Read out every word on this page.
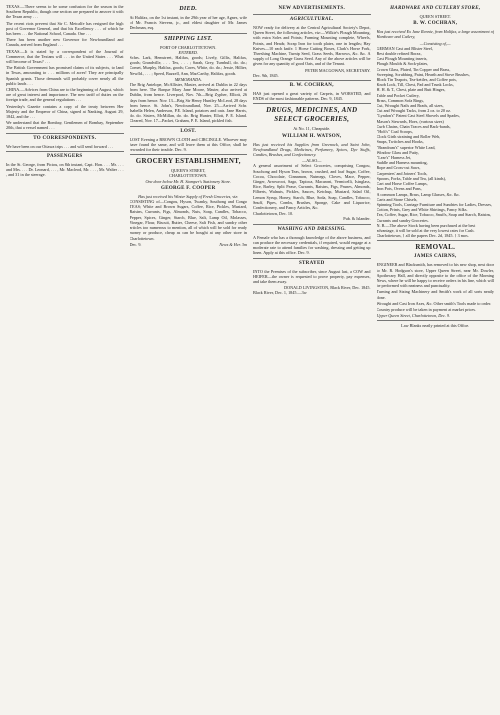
TEXAS.—There seems to be some confusion for the season in the Southern Republic, though one section are prepared to answer it with the Texan army . . .

The recent riots prevent that Sir C. Metcalfe has resigned the high post of Governor General, and that his Excellency . . . of which he has been . . . the National School, Canada. One . . .

There has been another new Governor for Newfoundland and Canada, arrived from England . . .

TEXAS.—It is stated by a correspondent of the Journal of Commerce, that the Texians will . . . in the United States . . . What will become of Texas? . . .

The British Government has promised claims of its subjects, to land in Texas, amounting to . . . millions of acres! They are principally Spanish grants. Those demands will probably cover nearly all the public lands . . .

CHINA.—Advices from China are to the beginning of August, which are of great interest and importance. The new tariff of duties on the foreign trade, and the general regulations . . .

Yesterday's Gazette contains a copy of the treaty between Her Majesty and the Emperor of China, signed at Nanking, August 29, 1842, and the . . .

We understand that the Bombay, Gentlemen of Bombay, September 20th, that a vessel named . . .

TO CORRESPONDENTS.

We have been on our Ottawa trips . . . and will send forward . . .

PASSENGERS

In the St. George, from Pictou, on 8th instant, Capt. Hon. . . . Mr. . . . and Mrs. . . . Dr. Leonard, . . . , Mr. Macleod, Mr. . . . , Mr. Walter . . . , and 31 in the steerage.

DIED.

At Halifax, on the 1st instant, in the 29th year of her age, Agnes, wife of Mr. Francis Stevens, jr., and eldest daughter of Mr. James Dechman, esq.

SHIPPING LIST.
PORT OF CHARLOTTETOWN.
ENTERED.

Schrs. Lark, Hemstreet, Halifax, goods; Lively, Gillis, Halifax, goods; Grandville, . . . Tex, . . . ; Sarah, Grey, Turnbull, do. do.; Comet, Murphy, Halifax, goods; Cores, White, do. do.; Jessie, Hillier, Newfld., . . . ; Speed, Buzzell, Ann, MacCarthy, Halifax, goods.

MEMORANDA.

The Brig Antelope, McAllister, Master, arrived at Dublin in 22 days from here. The Barque Mary Jane Moore, Master, also arrived at Dublin, from hence. Liverpool, Nov. 7th—Brig Zypher, Elliott, 26 days from hence. Nov. 13—Brig Sir Henry Huntley McLeod, 28 days from hence. St. John's, Newfoundland, Nov. 25—Arrived Schr. Isabella Helen, Anderson, P.E. Island, potatoes and oats. Jane Harris, do. do. Sisters, McMillan, do. do. Brig Hunter, Ellott, P. E. Island. Cleared, Nov. 17—Packet, Graham, P. E. Island, pickled fish.

LOST.

LOST Evening a BROWN CLOTH and CIRCINGLE. Whoever may have found the same, and will leave them at this Office, shall be rewarded for their trouble. Dec. 9.

GROCERY ESTABLISHMENT,
QUEEN'S STREET,
CHARLOTTETOWN.
One door below Mr. H. Stamper's Stationery Store.
GEORGE F. COOPER
Has just received his Winter Supply of Fresh Groceries, viz:

CONSISTING of—Congou, Hyson, Twanky, Southong and Congo TEAS; White and Brown Sugars, Coffee, Rice, Pickles, Mustard, Raisins, Currants, Figs, Almonds, Nuts, Soap, Candles, Tobacco, Pepper, Spices, Ginger, Starch, Blue, Salt, Lamp Oil, Molasses, Vinegar, Flour, Biscuit, Butter, Cheese, Salt Fish, and sundry other articles too numerous to mention, all of which will be sold for ready money or produce, cheap as can be bought at any other store in Charlottetown.

Dec. 9.	News & Her. 3m
NEW ADVERTISEMENTS.
AGRICULTURAL.

NOW ready for delivery at the Central Agricultural Society's Depot, Queen Street, the following articles, viz:—Wilkie's Plough Mounting, with extra Soles and Points; Farming Mounting complete, Wheels, Points, and Heads; Scrap Iron for tooth plates, one in lengths; Hay Knives—10 each knife. 1 Horse Cutting Boxes, Clark's Horse Fork, Threshing Machine, Turnip Seed, Grass Seeds, Harrows, &c. &c. A supply of Long Orange Grass Seed. Any of the above articles will be given for any quantity of good Oats, and of the Tenant.

PETER MACGOWAN, SECRETARY.
Dec. 9th, 1845.
B. W. COCHRAN,

HAS just opened a great variety of Carpets, in WORSTED, and ENDS of the most fashionable patterns. Dec. 9, 1845.

DRUGS, MEDICINES, AND SELECT GROCERIES,
At No. 11, Cheapside.
WILLIAM H. WATSON,

Has just received his Supplies from Greenock, and Saint John, Newfoundland Drugs, Medicines, Perfumery, Spices, Dye Stuffs, Candies, Brushes, and Confectionery.

—ALSO—

A general assortment of Select Groceries, comprising Congou, Souchong and Hyson Teas, brown, crushed, and loaf Sugar, Coffee, Cocoa, Chocolate, Cinnamon, Nutmegs, Cloves, Mace, Pepper, Ginger, Arrowroot, Sago, Tapioca, Macaroni, Vermicelli, Isinglass, Rice, Barley, Split Pease, Currants, Raisins, Figs, Prunes, Almonds, Filberts, Walnuts, Pickles, Sauces, Ketchup, Mustard, Salad Oil, Lemon Syrup, Honey, Starch, Blue, Soda, Soap, Candles, Tobacco, Snuff, Pipes, Combs, Brushes, Sponge, Cake and Liquorice, Confectionery, and Fancy Articles, &c.

Charlottetown, Dec. 10.
Pub. & Islander.
WASHING AND DRESSING.

A Female who has a thorough knowledge of the above business, and can produce the necessary credentials, if required, would engage at a moderate rate to attend families for washing, dressing and getting up linen. Apply at this office. Dec. 9.

STRAYED

INTO the Premises of the subscriber, since August last, a COW and HEIFER—the owner is requested to prove property, pay expenses, and take them away.

DONALD LIVINGSTON, Black River, Dec. 1845.
Black River, Dec. 1, 1845.—3w
HARDWARE AND CUTLERY STORE,
QUEEN STREET.
B. W. COCHRAN,

Has just received Ex Jane Rennie, from Halifax, a large assortment of Hardware and Cutlery,

—Consisting of,—
GERMAN Cast and Blister Steel,
Best double refined Borax,
Cast Plough Mounting inserts,
Plough Moulds & Sock-plates,
Crown Glass, Plated, Tin Copper and Brass,
Sweeping, Scrubbing, Paint, Hearth and Stove Brushes,
Block Tin Teapots, Tea-kettles, and Coffee pots,
Knob Lock, Till, Chest, Pad and Trunk Locks,
H. H. & T., Chest, plate and Butt Hinges,
Table and Pocket Cutlery,
Brass, Common Sofa Rings,
Cut, Wrought Nails and Brads, all sizes,
Cut and Wrought Tacks, from 2 oz. to 20 oz.
"Lyndon's" Patent Cast Steel Shovels and Spades,
Mason's Stewards, Hoes, (various sizes)
Curb Chains, Chain Traces and Back-bands,
"Holt's" Coal Scoops,
Clock Girth straining and Roller Web,
Snaps, Twitches and Hooks,
"Brandram's" superior White Lead,
Window Glass and Putty,
"Lear's" Harness Jet,
Saddle and Harness mounting,
Rope and Cross-cut Saws,
Carpenters' and Joiners' Tools,
Spoons, Forks, Table and Tea, (all kinds),
Cart and Horse Coffee Lamps,
Iron Pots, Ovens and Pans,
A common Lamps, Brass, Lamp Glasses, &c. &c.
Carts and Stone Chisels,
Spinning Tools, Carriage Furniture and Sundries for Ladies, Dresses, Cotton, Prints, Grey and White Shirtings, Fancy Silks.
Tea, Coffee, Sugar, Rice, Tobacco, Snuffs, Soap and Starch, Raisins, Currants and sundry Groceries.
N. B.—The above Stock having been purchased at the best advantage, it will be sold at the very lowest rates for Cash.
Charlottetown, } all the papers Dec. 2d, 1845. } 3 mos.
REMOVAL.
JAMES CAIRNS,

ENGINEER and Blacksmith, has removed to his new shop, next door to Mr. R. Hodgson's store, Upper Queen Street, near Mr. Dowler, Apothecary Hall, and directly opposite to the office of the Morning News, where he will be happy to receive orders in his line, which will be performed with neatness and punctuality.

Turning and Sizing Machinery and Smith's work of all sorts neatly done.

Wrought and Cast Iron Axes, &c. Other smith's Tools made to order.

Country produce will be taken in payment at market prices.

Upper Queen Street, Charlottetown, Dec. 9.
Law Blanks neatly printed at this Office.
